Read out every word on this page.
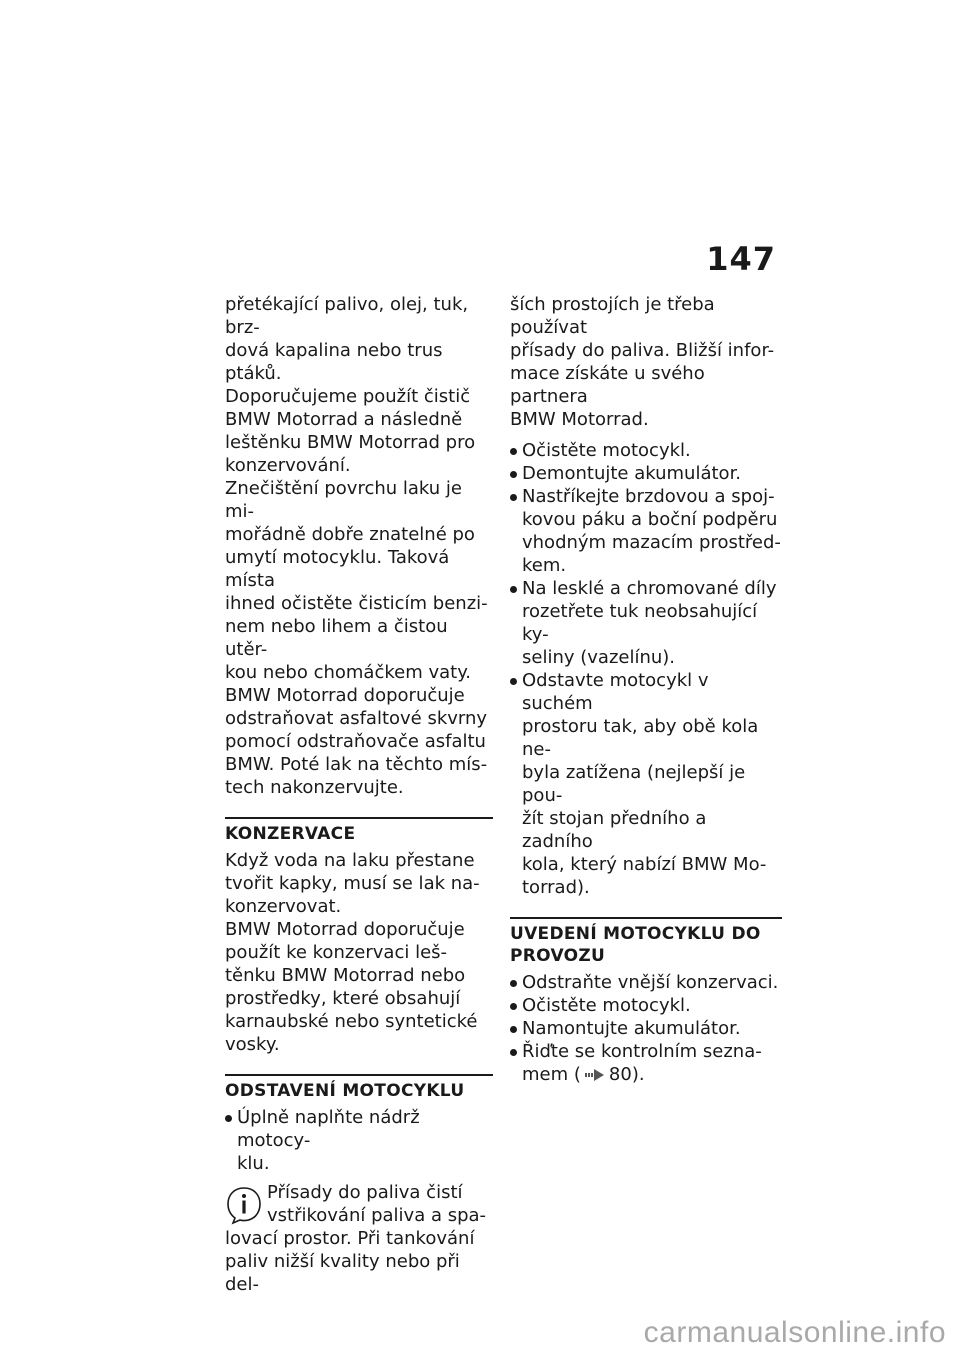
147

přetékající palivo, olej, tuk, brz-
dová kapalina nebo trus ptáků.
Doporučujeme použít čistič
BMW Motorrad a následně
leštěnku BMW Motorrad pro
konzervování.

Znečištění povrchu laku je mi-
mořádně dobře znatelné po
umytí motocyklu. Taková místa
ihned očistěte čisticím benzi-
nem nebo lihem a čistou utěr-
kou nebo chomáčkem vaty.

BMW Motorrad doporučuje
odstraňovat asfaltové skvrny
pomocí odstraňovače asfaltu
BMW. Poté lak na těchto mís-
tech nakonzervujte.

KONZERVACE

Když voda na laku přestane
tvořit kapky, musí se lak na-
konzervovat.

BMW Motorrad doporučuje
použít ke konzervaci leš-
těnku BMW Motorrad nebo
prostředky, které obsahují
karnaubské nebo syntetické
vosky.

ODSTAVENÍ MOTOCYKLU
Úplně naplňte nádrž motocy-
klu.

Přísady do paliva čistí
vstřikování paliva a spa-

lovací prostor. Při tankování
paliv nižší kvality nebo při del-

ších prostojích je třeba používat
přísady do paliva. Bližší infor-
mace získáte u svého partnera
BMW Motorrad.

Očistěte motocykl.
Demontujte akumulátor.
Nastříkejte brzdovou a spoj-
kovou páku a boční podpěru
vhodným mazacím prostřed-
kem.
Na lesklé a chromované díly
rozetřete tuk neobsahující ky-
seliny (vazelínu).
Odstavte motocykl v suchém
prostoru tak, aby obě kola ne-
byla zatížena (nejlepší je pou-
žít stojan předního a zadního
kola, který nabízí BMW Mo-
torrad).
UVEDENÍ MOTOCYKLU DO
PROVOZU
Odstraňte vnější konzervaci.
Očistěte motocykl.
Namontujte akumulátor.
Řiďte se kontrolním sezna-
mem ( 80).
carmanualsonline.info
